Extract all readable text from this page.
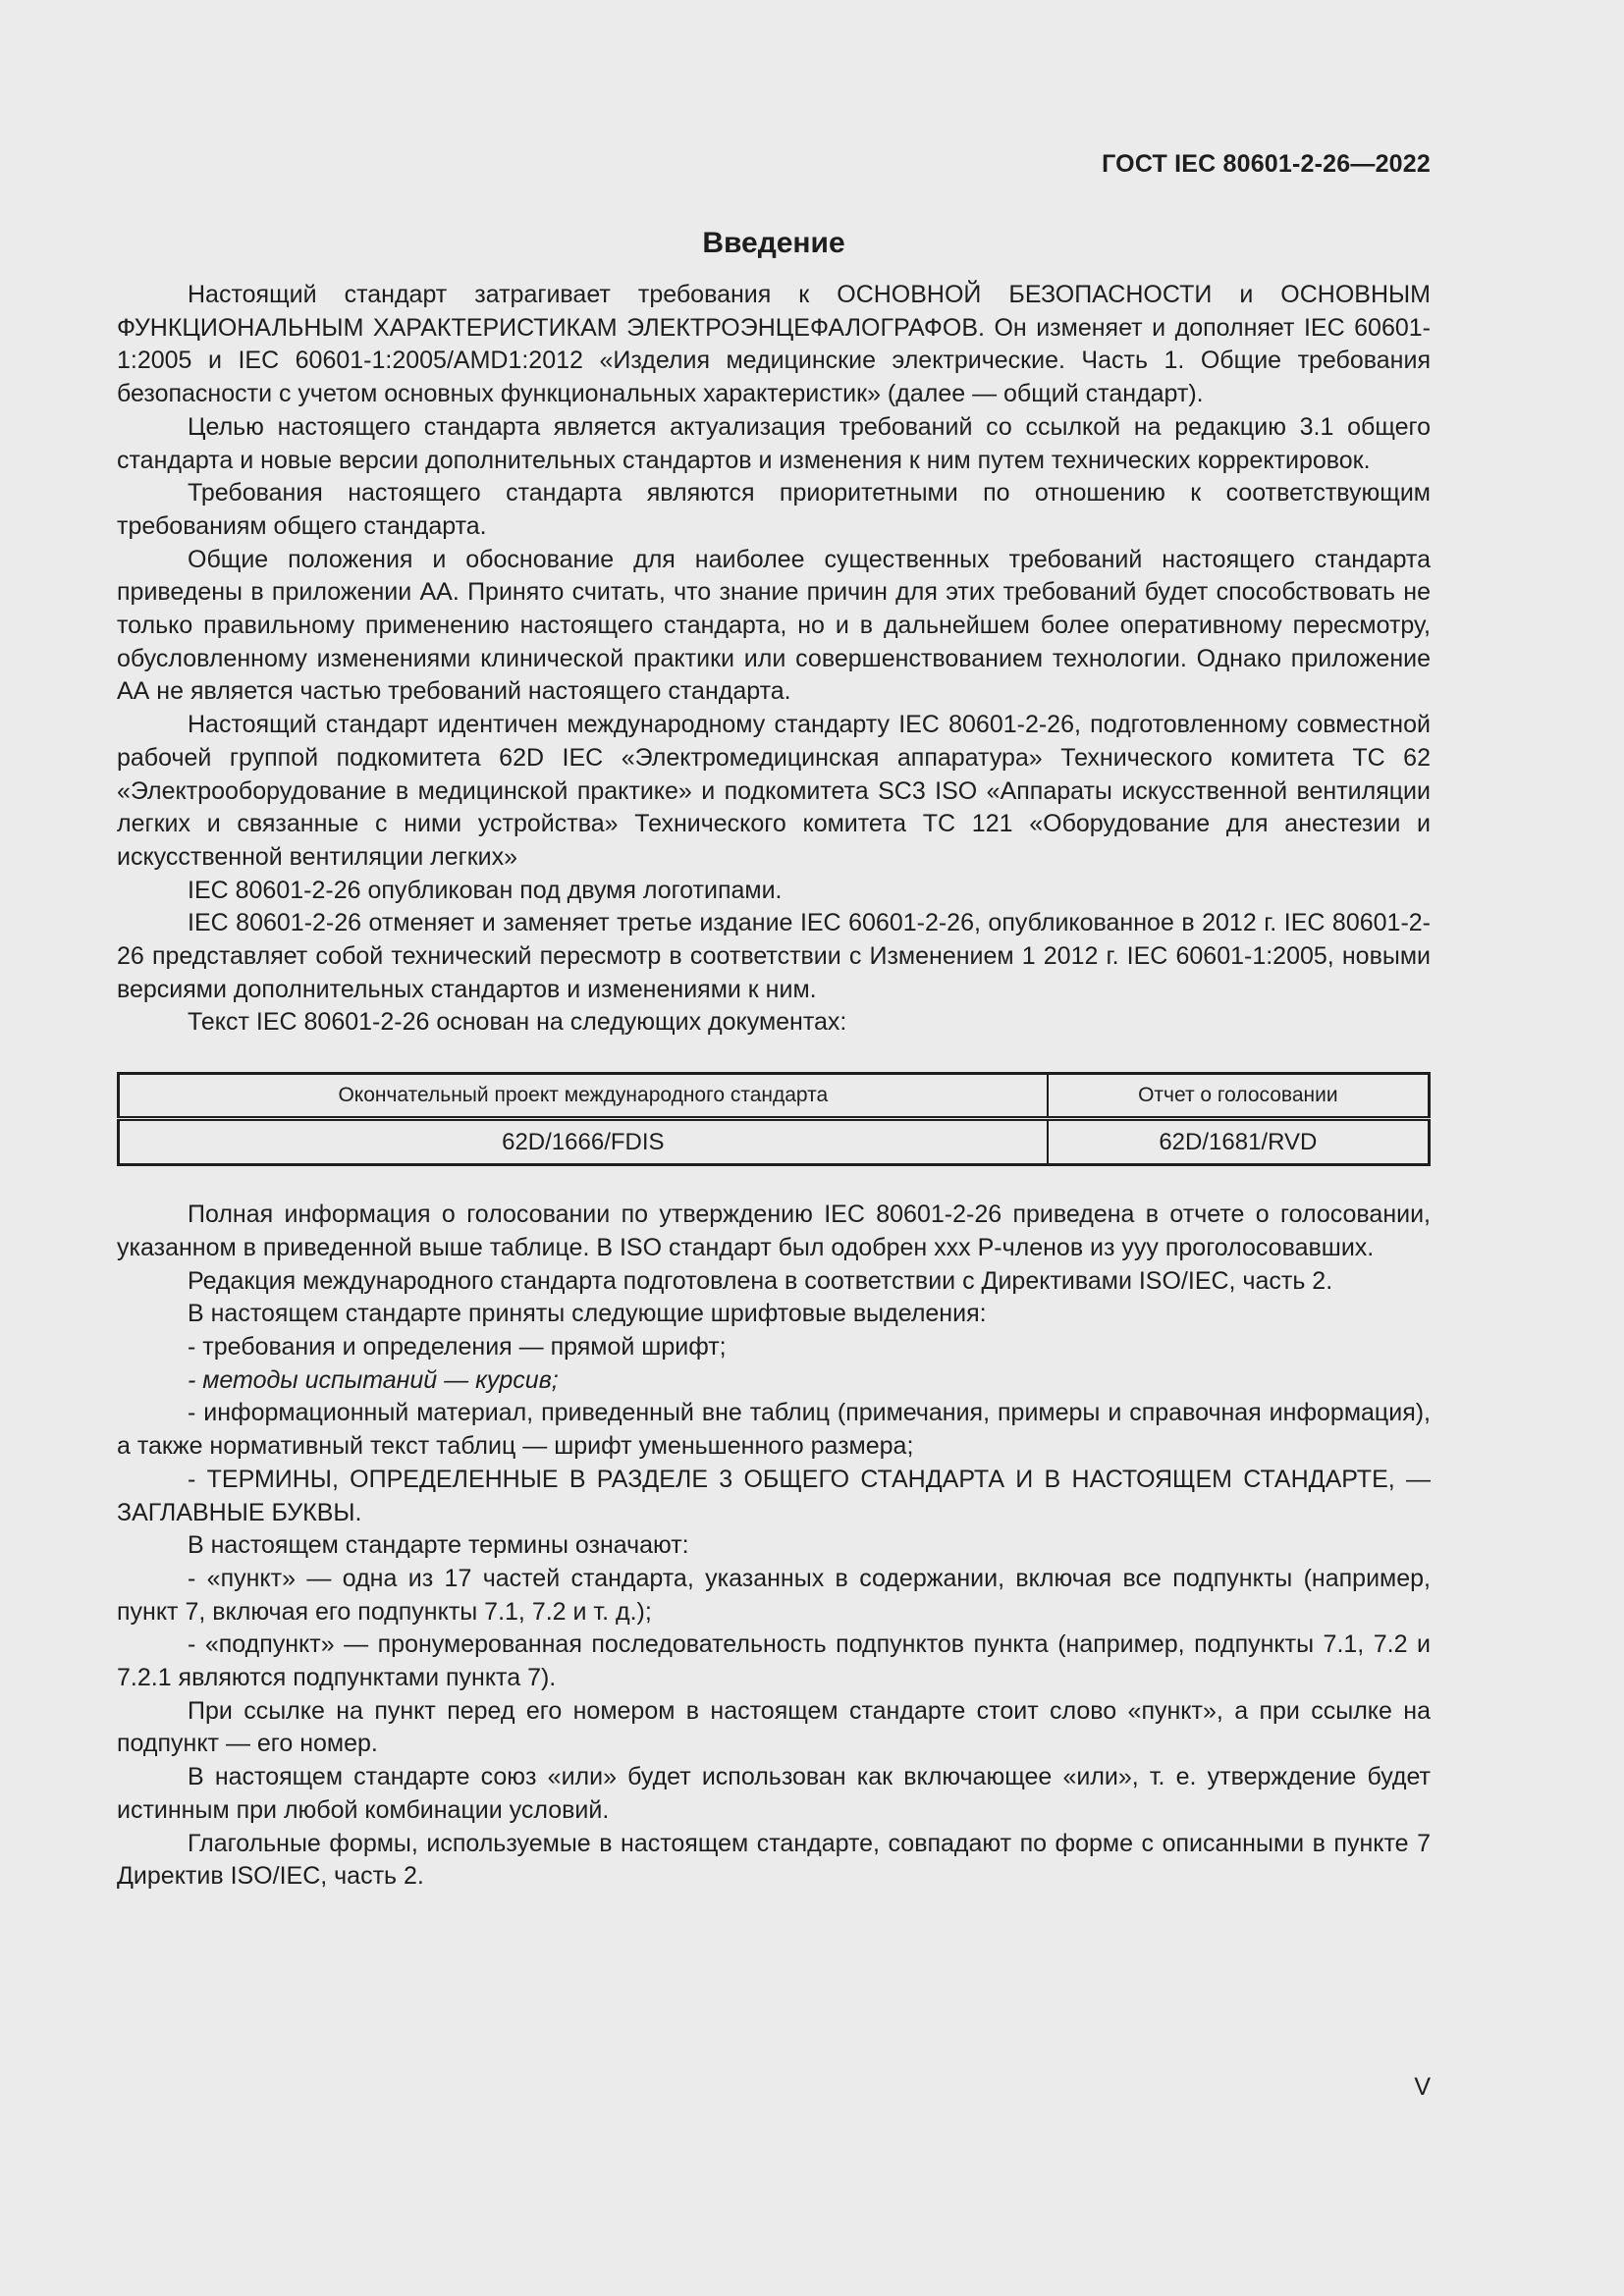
ГОСТ IEC 80601-2-26—2022
Введение

Настоящий стандарт затрагивает требования к ОСНОВНОЙ БЕЗОПАСНОСТИ и ОСНОВНЫМ ФУНКЦИОНАЛЬНЫМ ХАРАКТЕРИСТИКАМ ЭЛЕКТРОЭНЦЕФАЛОГРАФОВ. Он изменяет и дополняет IEC 60601-1:2005 и IEC 60601-1:2005/AMD1:2012 «Изделия медицинские электрические. Часть 1. Общие требования безопасности с учетом основных функциональных характеристик» (далее — общий стандарт).

Целью настоящего стандарта является актуализация требований со ссылкой на редакцию 3.1 общего стандарта и новые версии дополнительных стандартов и изменения к ним путем технических корректировок.

Требования настоящего стандарта являются приоритетными по отношению к соответствующим требованиям общего стандарта.

Общие положения и обоснование для наиболее существенных требований настоящего стандарта приведены в приложении АА. Принято считать, что знание причин для этих требований будет способствовать не только правильному применению настоящего стандарта, но и в дальнейшем более оперативному пересмотру, обусловленному изменениями клинической практики или совершенствованием технологии. Однако приложение АА не является частью требований настоящего стандарта.

Настоящий стандарт идентичен международному стандарту IEC 80601-2-26, подготовленному совместной рабочей группой подкомитета 62D IEC «Электромедицинская аппаратура» Технического комитета ТС 62 «Электрооборудование в медицинской практике» и подкомитета SC3 ISO «Аппараты искусственной вентиляции легких и связанные с ними устройства» Технического комитета ТС 121 «Оборудование для анестезии и искусственной вентиляции легких»

IEC 80601-2-26 опубликован под двумя логотипами.

IEC 80601-2-26 отменяет и заменяет третье издание IEC 60601-2-26, опубликованное в 2012 г. IEC 80601-2-26 представляет собой технический пересмотр в соответствии с Изменением 1 2012 г. IEC 60601-1:2005, новыми версиями дополнительных стандартов и изменениями к ним.

Текст IEC 80601-2-26 основан на следующих документах:

Окончательный проект международного стандарта	Отчет о голосовании
62D/1666/FDIS	62D/1681/RVD

Полная информация о голосовании по утверждению IEC 80601-2-26 приведена в отчете о голосовании, указанном в приведенной выше таблице. В ISO стандарт был одобрен ххх Р-членов из ууу проголосовавших.

Редакция международного стандарта подготовлена в соответствии с Директивами ISO/IEC, часть 2.

В настоящем стандарте приняты следующие шрифтовые выделения:

- требования и определения — прямой шрифт;

- методы испытаний — курсив;

- информационный материал, приведенный вне таблиц (примечания, примеры и справочная информация), а также нормативный текст таблиц — шрифт уменьшенного размера;

- ТЕРМИНЫ, ОПРЕДЕЛЕННЫЕ В РАЗДЕЛЕ 3 ОБЩЕГО СТАНДАРТА И В НАСТОЯЩЕМ СТАНДАРТЕ, — ЗАГЛАВНЫЕ БУКВЫ.

В настоящем стандарте термины означают:

- «пункт» — одна из 17 частей стандарта, указанных в содержании, включая все подпункты (например, пункт 7, включая его подпункты 7.1, 7.2 и т. д.);

- «подпункт» — пронумерованная последовательность подпунктов пункта (например, подпункты 7.1, 7.2 и 7.2.1 являются подпунктами пункта 7).

При ссылке на пункт перед его номером в настоящем стандарте стоит слово «пункт», а при ссылке на подпункт — его номер.

В настоящем стандарте союз «или» будет использован как включающее «или», т. е. утверждение будет истинным при любой комбинации условий.

Глагольные формы, используемые в настоящем стандарте, совпадают по форме с описанными в пункте 7 Директив ISO/IEC, часть 2.

V
